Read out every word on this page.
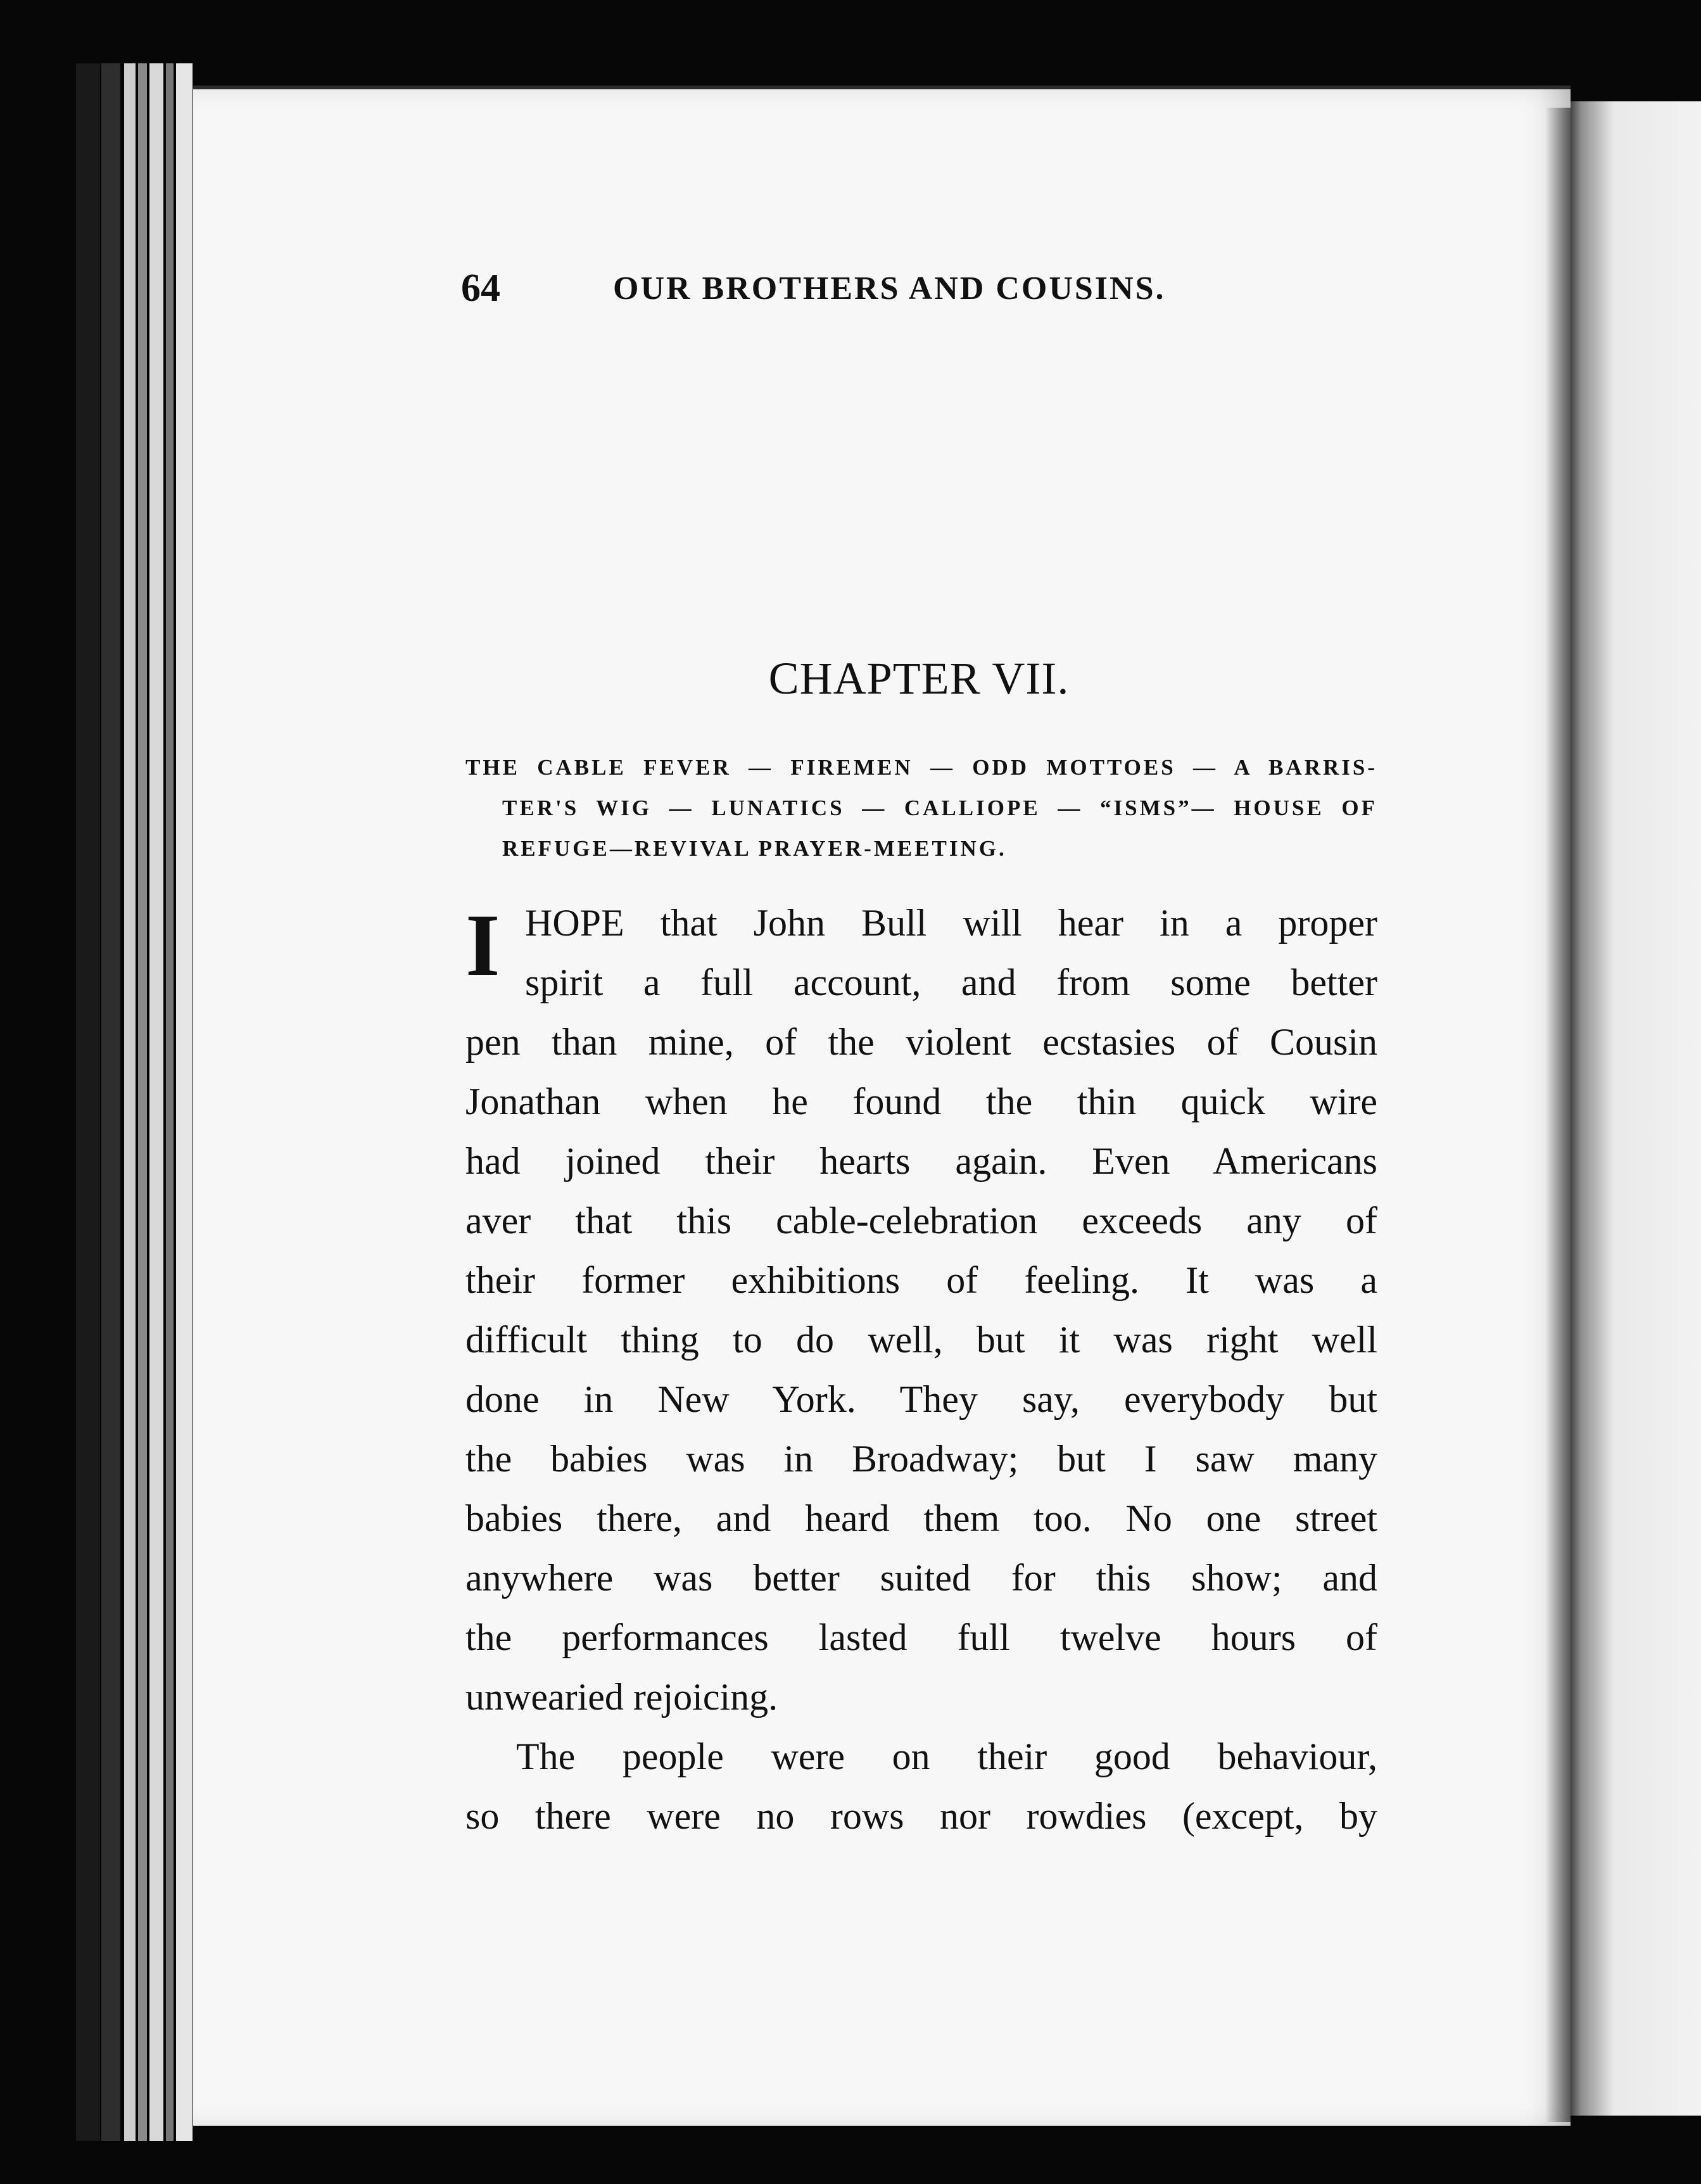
64	OUR BROTHERS AND COUSINS.
CHAPTER VII.
THE CABLE FEVER — FIREMEN — ODD MOTTOES — A BARRIS-
TER'S WIG — LUNATICS — CALLIOPE — “ISMS”— HOUSE OF
REFUGE—REVIVAL PRAYER-MEETING.
I HOPE that John Bull will hear in a proper
spirit a full account, and from some better
pen than mine, of the violent ecstasies of Cousin
Jonathan when he found the thin quick wire
had joined their hearts again. Even Americans
aver that this cable-celebration exceeds any of
their former exhibitions of feeling. It was a
difficult thing to do well, but it was right well
done in New York. They say, everybody but
the babies was in Broadway; but I saw many
babies there, and heard them too. No one street
anywhere was better suited for this show; and
the performances lasted full twelve hours of
unwearied rejoicing.
The people were on their good behaviour,
so there were no rows nor rowdies (except, by
